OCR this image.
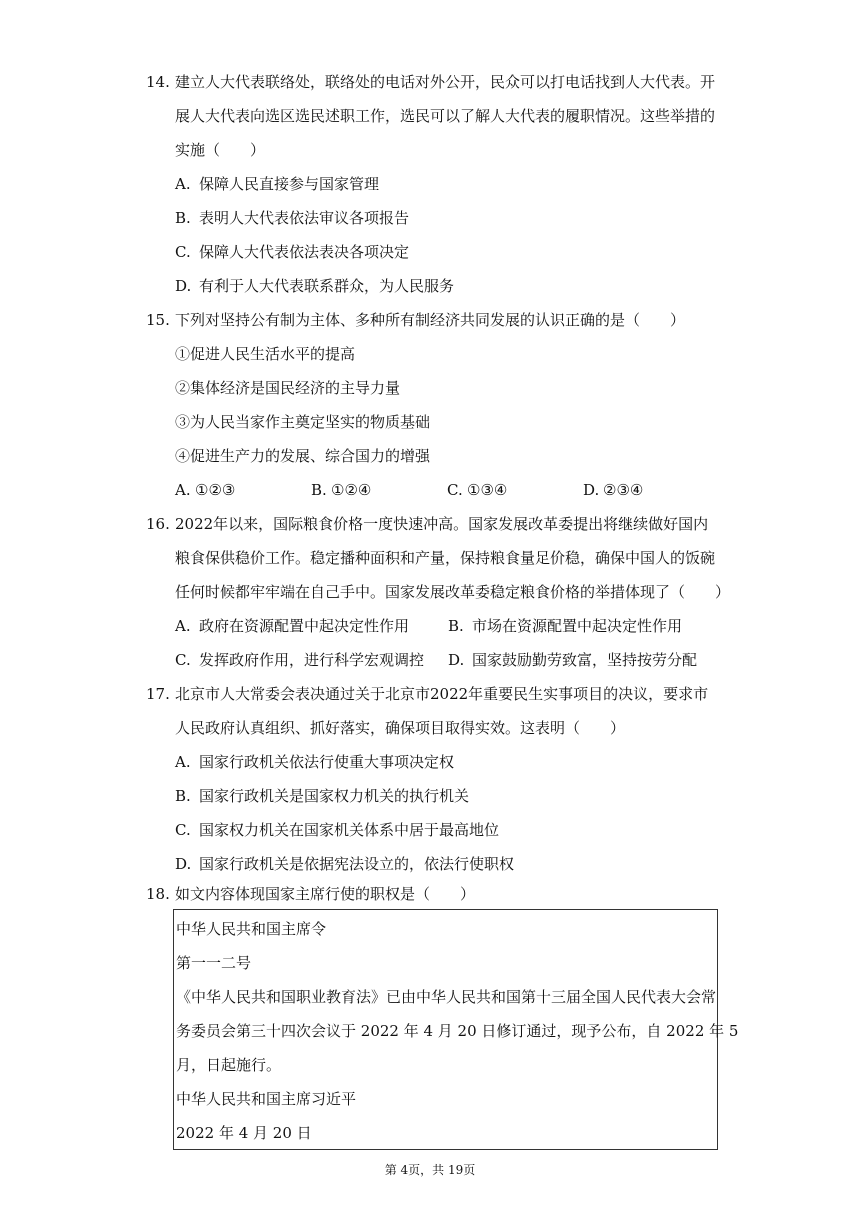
14. 建立人大代表联络处，联络处的电话对外公开，民众可以打电话找到人大代表。开
展人大代表向选区选民述职工作，选民可以了解人大代表的履职情况。这些举措的
实施（　　）
A. 保障人民直接参与国家管理
B. 表明人大代表依法审议各项报告
C. 保障人大代表依法表决各项决定
D. 有利于人大代表联系群众，为人民服务
15. 下列对坚持公有制为主体、多种所有制经济共同发展的认识正确的是（　　）
①促进人民生活水平的提高
②集体经济是国民经济的主导力量
③为人民当家作主奠定坚实的物质基础
④促进生产力的发展、综合国力的增强
A. ①②③	B. ①②④	C. ①③④	D. ②③④
16. 2022年以来，国际粮食价格一度快速冲高。国家发展改革委提出将继续做好国内
粮食保供稳价工作。稳定播种面积和产量，保持粮食量足价稳，确保中国人的饭碗
任何时候都牢牢端在自己手中。国家发展改革委稳定粮食价格的举措体现了（　　）
A. 政府在资源配置中起决定性作用	B. 市场在资源配置中起决定性作用
C. 发挥政府作用，进行科学宏观调控 D. 国家鼓励勤劳致富，坚持按劳分配
17. 北京市人大常委会表决通过关于北京市2022年重要民生实事项目的决议，要求市
人民政府认真组织、抓好落实，确保项目取得实效。这表明（　　）
A. 国家行政机关依法行使重大事项决定权
B. 国家行政机关是国家权力机关的执行机关
C. 国家权力机关在国家机关体系中居于最高地位
D. 国家行政机关是依据宪法设立的，依法行使职权
18. 如文内容体现国家主席行使的职权是（　　）
中华人民共和国主席令
第一一二号
《中华人民共和国职业教育法》已由中华人民共和国第十三届全国人民代表大会常
务委员会第三十四次会议于 2022 年 4 月 20 日修订通过，现予公布，自 2022 年 5
月，日起施行。
中华人民共和国主席习近平
2022 年 4 月 20 日
第 4页，共 19页
